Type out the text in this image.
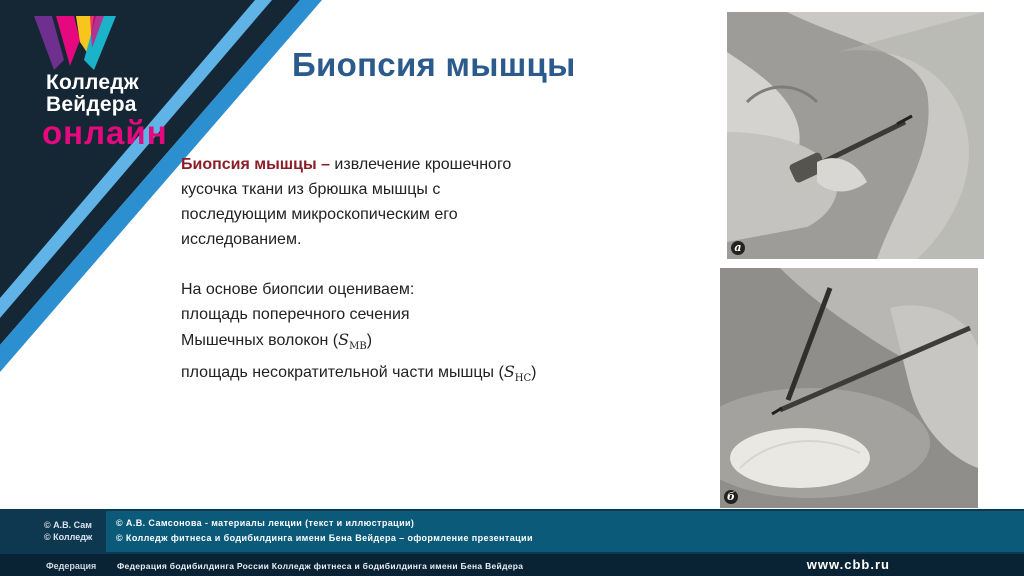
Колледж
Вейдера
онлайн
Биопсия мышцы
Биопсия мышцы – извлечение крошечного
кусочка ткани из брюшка мышцы с
последующим микроскопическим его
исследованием.
На основе биопсии оцениваем:
площадь поперечного сечения
Мышечных волокон $(S_{МВ})$
площадь несократительной части мышцы $(S_{НС})$
а
б
© А.В. Сам
© Колледж
© А.В. Самсонова - материалы лекции (текст и иллюстрации)
© Колледж фитнеса и бодибилдинга имени Бена Вейдера – оформление презентации
Федерация	Федерация бодибилдинга России Колледж фитнеса и бодибилдинга имени Бена Вейдера	www.cbb.ru
